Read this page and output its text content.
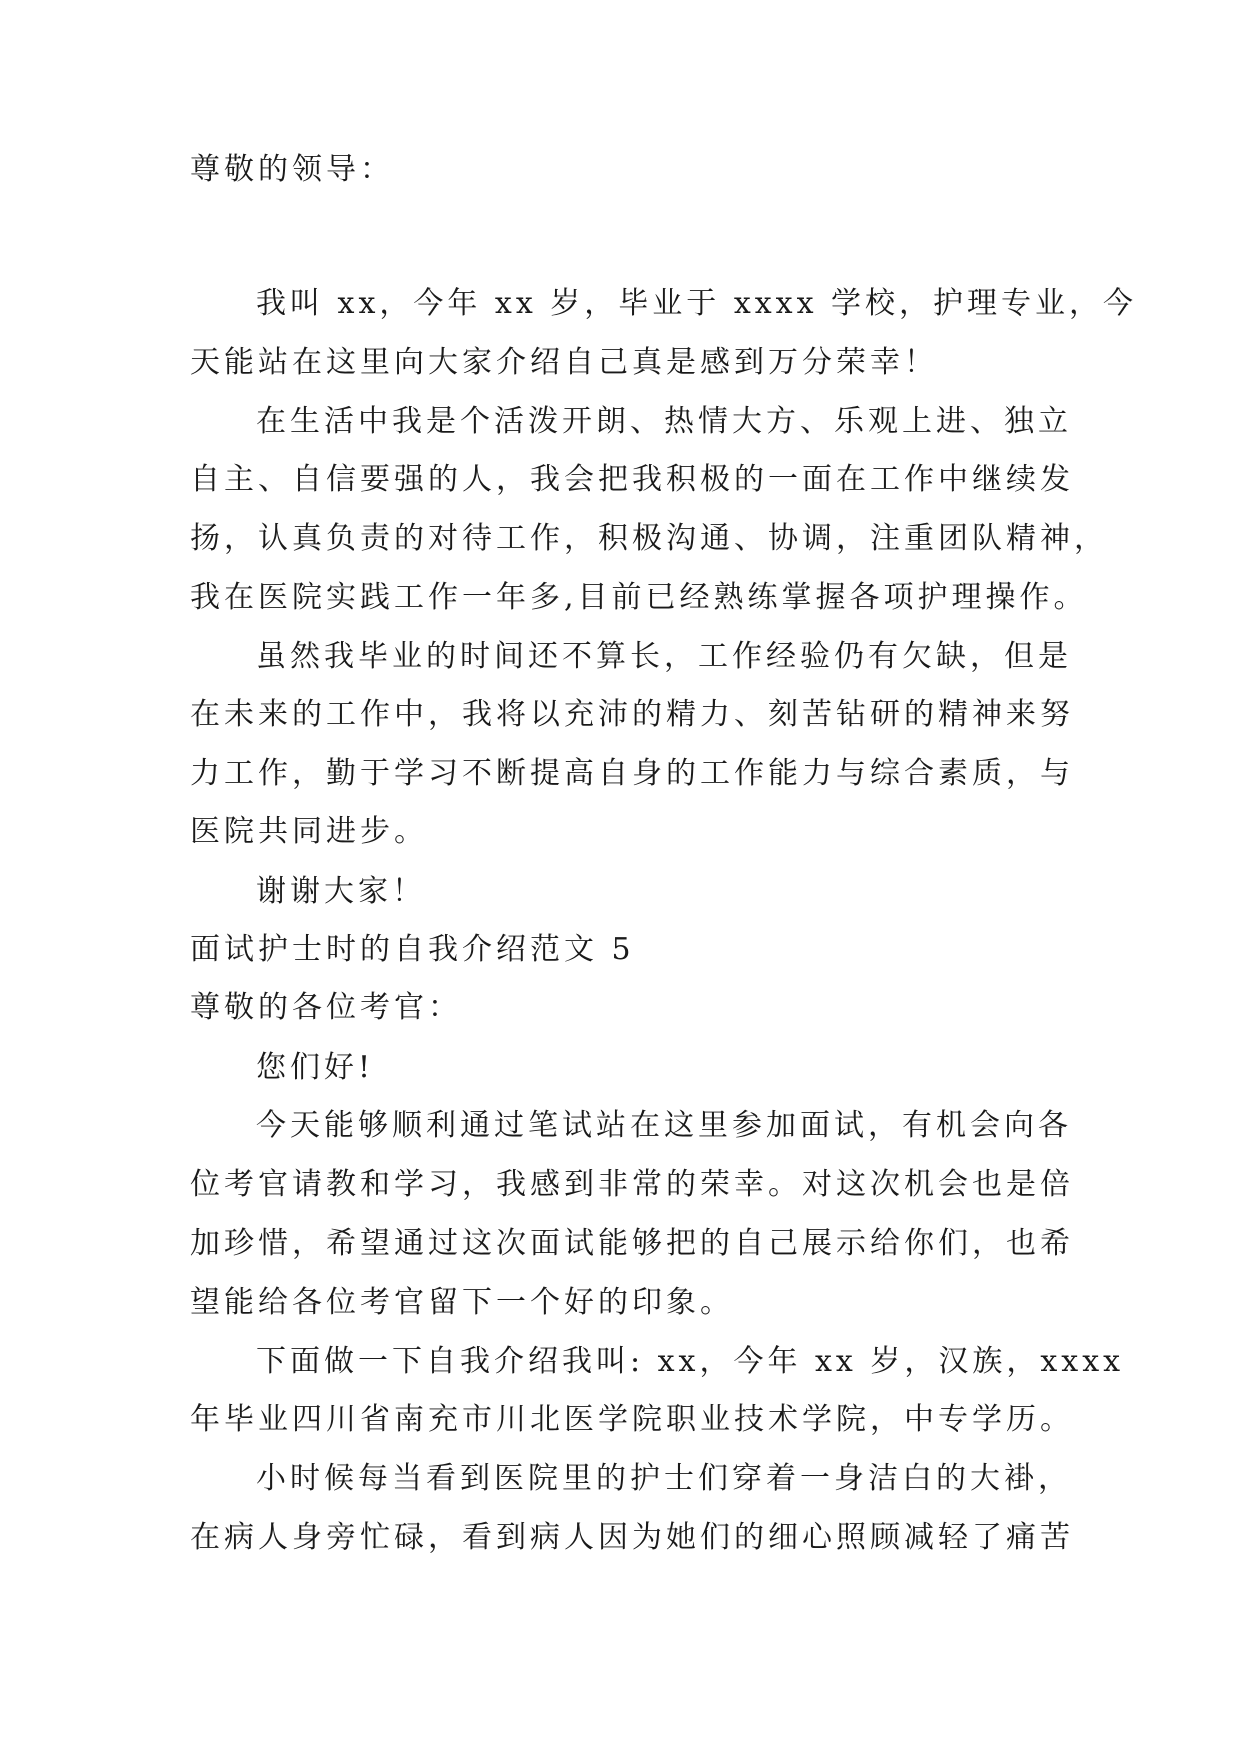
尊敬的领导：
我叫 xx，今年 xx 岁，毕业于 xxxx 学校，护理专业，今
天能站在这里向大家介绍自己真是感到万分荣幸！
在生活中我是个活泼开朗、热情大方、乐观上进、独立
自主、自信要强的人，我会把我积极的一面在工作中继续发
扬，认真负责的对待工作，积极沟通、协调，注重团队精神，
我在医院实践工作一年多,目前已经熟练掌握各项护理操作。
虽然我毕业的时间还不算长，工作经验仍有欠缺，但是
在未来的工作中，我将以充沛的精力、刻苦钻研的精神来努
力工作，勤于学习不断提高自身的工作能力与综合素质，与
医院共同进步。
谢谢大家！
面试护士时的自我介绍范文 5
尊敬的各位考官：
您们好!
今天能够顺利通过笔试站在这里参加面试，有机会向各
位考官请教和学习，我感到非常的荣幸。对这次机会也是倍
加珍惜，希望通过这次面试能够把的自己展示给你们，也希
望能给各位考官留下一个好的印象。
下面做一下自我介绍我叫: xx，今年 xx 岁，汉族，xxxx
年毕业四川省南充市川北医学院职业技术学院，中专学历。
小时候每当看到医院里的护士们穿着一身洁白的大褂，
在病人身旁忙碌，看到病人因为她们的细心照顾减轻了痛苦
